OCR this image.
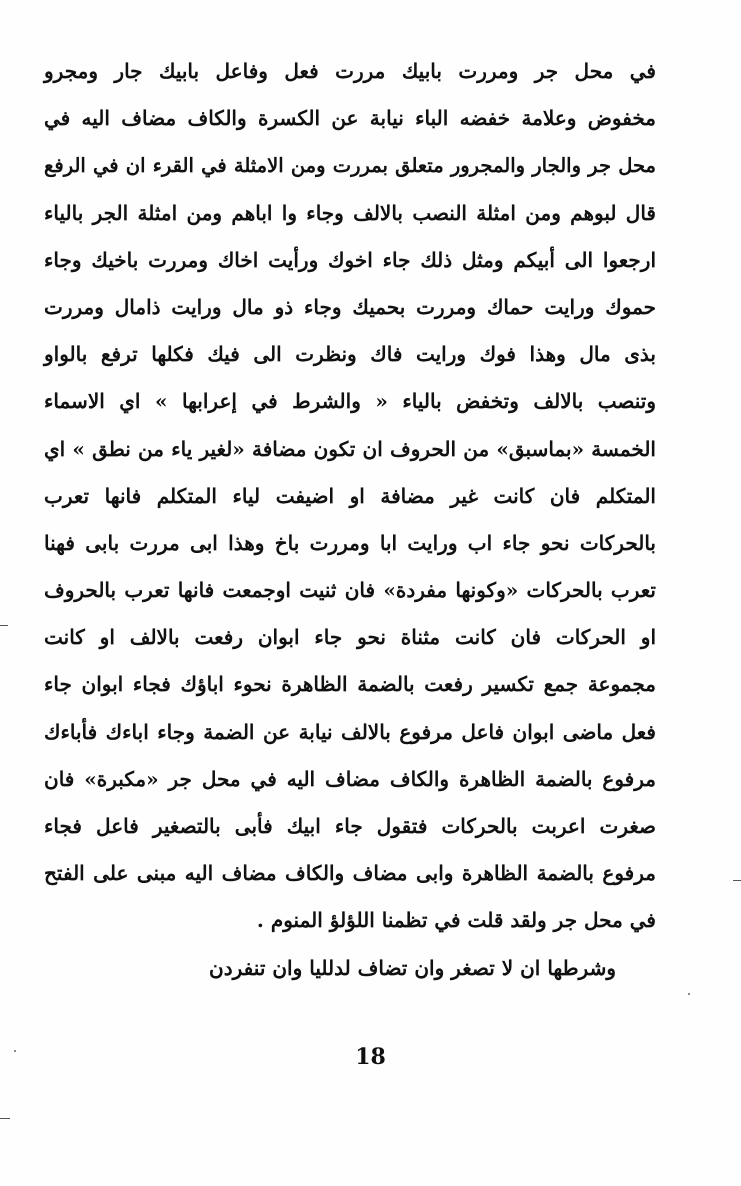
في محل جر ومررت بابيك مررت فعل وفاعل بابيك جار ومجرو
مخفوض وعلامة خفضه الباء نيابة عن الكسرة والكاف مضاف اليه في
محل جر والجار والمجرور متعلق بمررت ومن الامثلة في القرء ان في الرفع
قال لبوهم ومن امثلة النصب بالالف وجاء وا اباهم ومن امثلة الجر بالياء
ارجعوا الى أبيكم ومثل ذلك جاء اخوك ورأيت اخاك ومررت باخيك وجاء
حموك ورايت حماك ومررت بحميك وجاء ذو مال ورايت ذامال ومررت
بذى مال وهذا فوك ورايت فاك ونظرت الى فيك فكلها ترفع بالواو
وتنصب بالالف وتخفض بالياء « والشرط في إعرابها » اي الاسماء
الخمسة «بماسبق» من الحروف ان تكون مضافة «لغير ياء من نطق » اي
المتكلم فان كانت غير مضافة او اضيفت لياء المتكلم فانها تعرب
بالحركات نحو جاء اب ورايت ابا ومررت باخ وهذا ابى مررت بابى فهنا
تعرب بالحركات «وكونها مفردة» فان ثنيت اوجمعت فانها تعرب بالحروف
او الحركات فان كانت مثناة نحو جاء ابوان رفعت بالالف او كانت
مجموعة جمع تكسير رفعت بالضمة الظاهرة نحوء اباؤك فجاء ابوان جاء
فعل ماضى ابوان فاعل مرفوع بالالف نيابة عن الضمة وجاء اباءك فأباءك
مرفوع بالضمة الظاهرة والكاف مضاف اليه في محل جر «مكبرة» فان
صغرت اعربت بالحركات فتقول جاء ابيك فأبى بالتصغير فاعل فجاء
مرفوع بالضمة الظاهرة وابى مضاف والكاف مضاف اليه مبنى على الفتح
في محل جر ولقد قلت في تظمنا اللؤلؤ المنوم .
وشرطها ان لا تصغر وان تضاف لدلليا وان تنفردن
18
